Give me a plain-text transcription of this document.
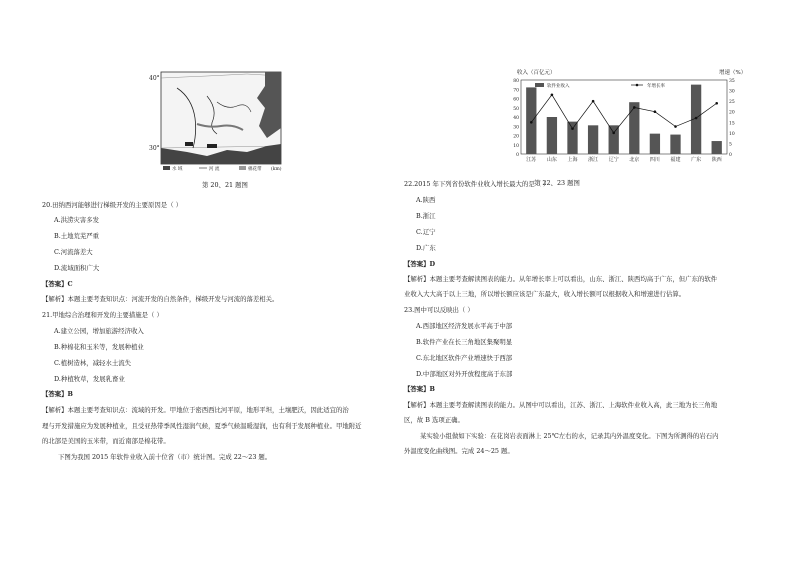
40°
30°
水 域	河 流	棉花带 (km)
第 20、21 题图

20.田纳西河能够进行梯级开发的主要原因是（ ）

A.洪涝灾害多发

B.土地荒芜严重

C.河流落差大

D.流域面积广大

【答案】C

【解析】本题主要考查知识点：河流开发的自然条件，梯级开发与河流的落差相关。

21.甲地综合治理和开发的主要措施是（ ）

A.建立公园，增加旅游经济收入

B.种棉花和玉米等，发展种植业

C.植树造林，减轻水土流失

D.种植牧草，发展乳畜业

【答案】B

【解析】本题主要考查知识点：流域的开发。甲地位于密西西比河平原，地形平坦，土壤肥沃，因此适宜的治

理与开发措施应为发展种植业，且受亚热带季风性湿润气候，夏季气候温暖湿润，也有利于发展种植业。甲地附近

的北部是美国的玉米带，而近南部是棉花带。

下图为我国 2015 年软件业收入前十位省（市）统计图。完成 22～23 题。

收入（百亿元）	增速（%）
0
10
20
30
40
50
60
70
80
0
5
10
15
20
25
30
35
江苏 山东 上海 浙江 辽宁 北京 四川 福建 广东 陕西
软件业收入	年增长率
第 22、23 题图

22.2015 年下列省份软件业收入增长最大的是（ ）

A.陕西

B.浙江

C.辽宁

D.广东

【答案】D

【解析】本题主要考查解读图表的能力。从年增长率上可以看出，山东、浙江、陕西均高于广东，但广东的软件

业收入大大高于以上三地，所以增长额应该是广东最大，收入增长额可以根据收入和增速进行估算。

23.图中可以反映出（ ）

A.西部地区经济发展水平高于中部

B.软件产业在长三角地区集聚明显

C.东北地区软件产业增速快于西部

D.中部地区对外开放程度高于东部

【答案】B

【解析】本题主要考查解读图表的能力。从图中可以看出，江苏、浙江、上海软件业收入高，此三地为长三角地

区，故 B 选项正确。

某实验小组做如下实验：在花岗岩表面淋上 25℃左右的水，记录其内外温度变化。下图为所测得的岩石内

外温度变化曲线图。完成 24～25 题。
